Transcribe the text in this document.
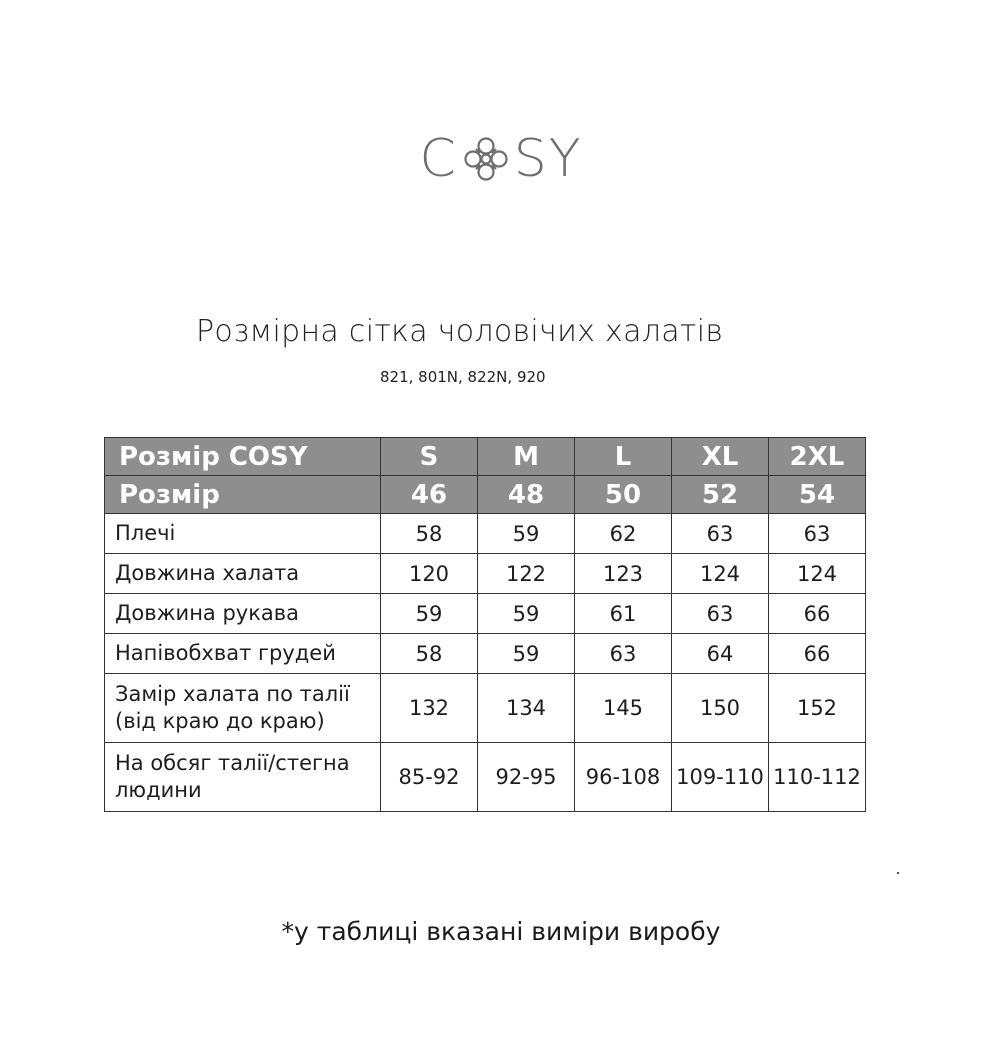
C SY
Розмірна сітка чоловічих халатів
821, 801N, 822N, 920
Розмір COSY	S	M	L	XL	2XL
Розмір	46	48	50	52	54
Плечі	58	59	62	63	63
Довжина халата	120	122	123	124	124
Довжина рукава	59	59	61	63	66
Напівобхват грудей	58	59	63	64	66

Замір халата по талії
(від краю до краю)	132	134	145	150	152

На обсяг талії/стегна
людини	85-92	92-95	96-108	109-110	110-112
*у таблиці вказані виміри виробу
